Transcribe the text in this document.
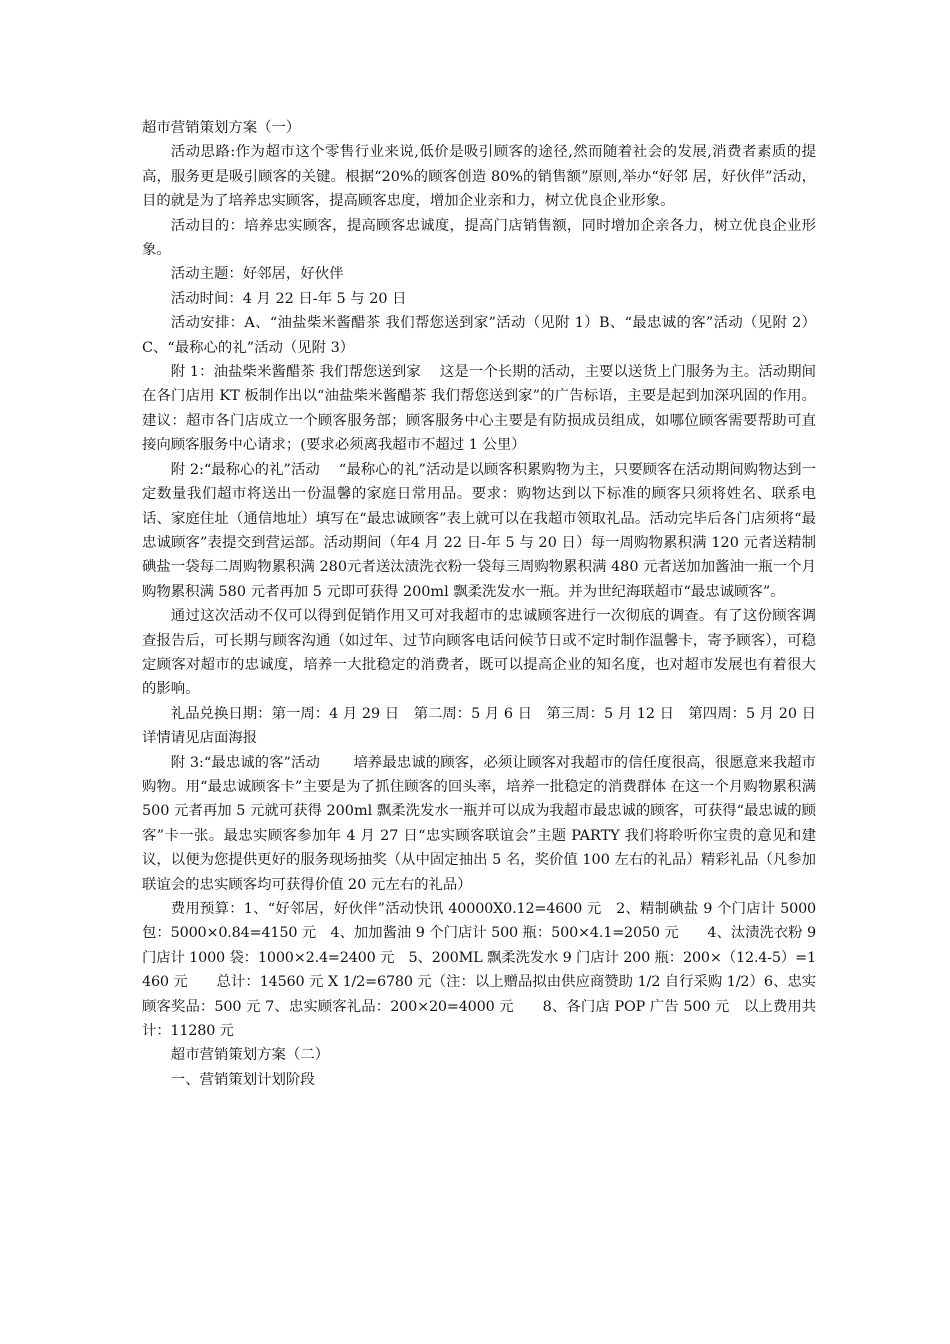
超市营销策划方案（一）

活动思路:作为超市这个零售行业来说,低价是吸引顾客的途径,然而随着社会的发展,消费者素质的提高，服务更是吸引顾客的关键。根据“20%的顾客创造 80%的销售额”原则,举办“好邻 居，好伙伴”活动，目的就是为了培养忠实顾客，提高顾客忠度，增加企业亲和力，树立优良企业形象。

活动目的：培养忠实顾客，提高顾客忠诚度，提高门店销售额，同时增加企亲各力，树立优良企业形象。

活动主题：好邻居，好伙伴

活动时间：4 月 22 日-年 5 与 20 日

活动安排：A、“油盐柴米酱醋茶 我们帮您送到家”活动（见附 1）B、“最忠诚的客”活动（见附 2）C、“最称心的礼”活动（见附 3）

附 1：油盐柴米酱醋茶 我们帮您送到家　 这是一个长期的活动，主要以送货上门服务为主。活动期间在各门店用 KT 板制作出以“油盐柴米酱醋茶 我们帮您送到家”的广告标语，主要是起到加深巩固的作用。建议：超市各门店成立一个顾客服务部；顾客服务中心主要是有防损成员组成，如哪位顾客需要帮助可直接向顾客服务中心请求；(要求必须离我超市不超过 1 公里）

附 2:“最称心的礼”活动　 “最称心的礼”活动是以顾客积累购物为主，只要顾客在活动期间购物达到一定数量我们超市将送出一份温馨的家庭日常用品。要求：购物达到以下标准的顾客只须将姓名、联系电话、家庭住址（通信地址）填写在“最忠诚顾客”表上就可以在我超市领取礼品。活动完毕后各门店须将“最忠诚顾客”表提交到营运部。活动期间（年4 月 22 日-年 5 与 20 日）每一周购物累积满 120 元者送精制碘盐一袋每二周购物累积满 280元者送汰渍洗衣粉一袋每三周购物累积满 480 元者送加加酱油一瓶一个月购物累积满 580 元者再加 5 元即可获得 200ml 飘柔洗发水一瓶。并为世纪海联超市“最忠诚顾客”。

通过这次活动不仅可以得到促销作用又可对我超市的忠诚顾客进行一次彻底的调查。有了这份顾客调查报告后，可长期与顾客沟通（如过年、过节向顾客电话问候节日或不定时制作温馨卡，寄予顾客），可稳定顾客对超市的忠诚度，培养一大批稳定的消费者，既可以提高企业的知名度，也对超市发展也有着很大的影响。

礼品兑换日期：第一周：4 月 29 日　第二周：5 月 6 日　第三周：5 月 12 日　第四周：5 月 20 日　详情请见店面海报

附 3:“最忠诚的客”活动　　 培养最忠诚的顾客，必须让顾客对我超市的信任度很高，很愿意来我超市购物。用“最忠诚顾客卡”主要是为了抓住顾客的回头率，培养一批稳定的消费群体 在这一个月购物累积满 500 元者再加 5 元就可获得 200ml 飘柔洗发水一瓶并可以成为我超市最忠诚的顾客，可获得“最忠诚的顾客”卡一张。最忠实顾客参加年 4 月 27 日“忠实顾客联谊会”主题 PARTY 我们将聆听你宝贵的意见和建议，以便为您提供更好的服务现场抽奖（从中固定抽出 5 名，奖价值 100 左右的礼品）精彩礼品（凡参加联谊会的忠实顾客均可获得价值 20 元左右的礼品）

费用预算：1、“好邻居，好伙伴”活动快讯 40000X0.12=4600 元　2、精制碘盐 9 个门店计 5000 包：5000×0.84=4150 元　4、加加酱油 9 个门店计 500 瓶：500×4.1=2050 元　　4、汰渍洗衣粉 9 门店计 1000 袋：1000×2.4=2400 元　5、200ML 飘柔洗发水 9 门店计 200 瓶：200×（12.4-5）=1460 元　　总计：14560 元 X 1/2=6780 元（注：以上赠品拟由供应商赞助 1/2 自行采购 1/2）6、忠实顾客奖品：500 元 7、忠实顾客礼品：200×20=4000 元　　8、各门店 POP 广告 500 元　以上费用共计：11280 元

超市营销策划方案（二）

一、营销策划计划阶段
